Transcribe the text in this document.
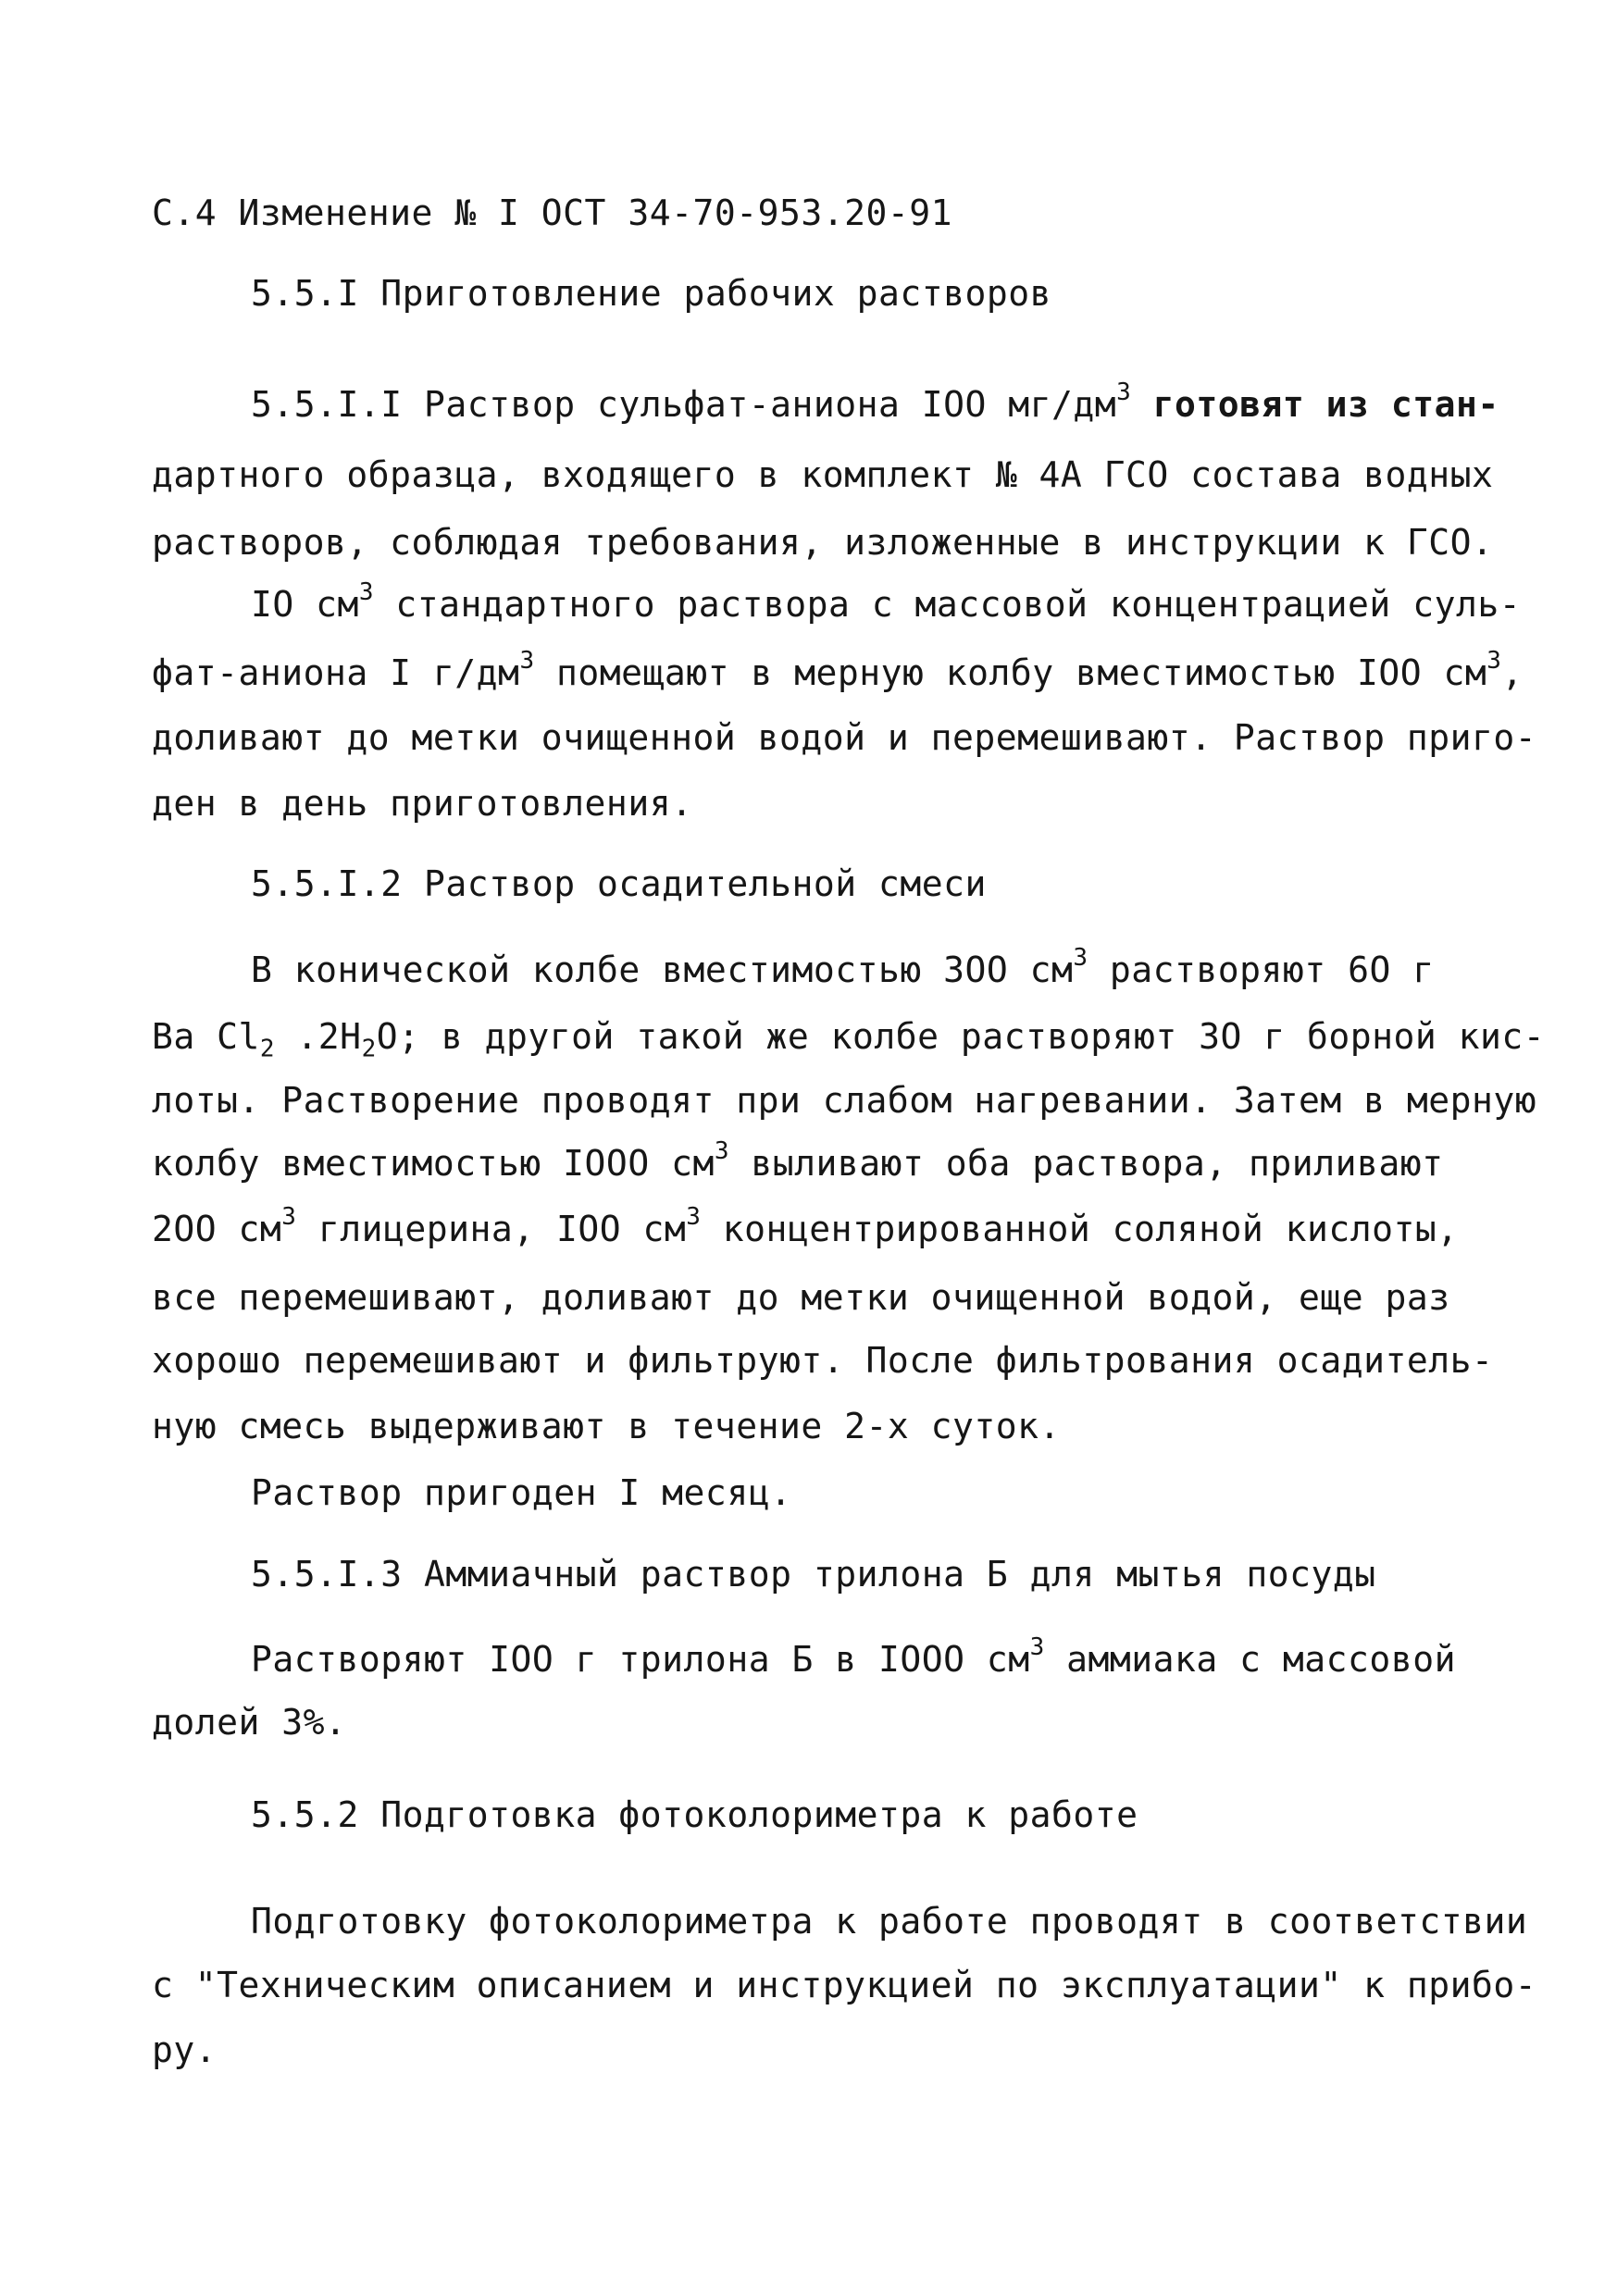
С.4 Изменение № I ОСТ 34-70-953.20-91
5.5.I Приготовление рабочих растворов
5.5.I.I Раствор сульфат-аниона IОО $мг/дм^3$ готовят из стан-
дартного образца, входящего в комплект № 4А ГСО состава водных
растворов, соблюдая требования, изложенные в инструкции к ГСО.
IО $см^3$ стандартного раствора с массовой концентрацией суль-
фат-аниона I $г/дм^3$ помещают в мерную колбу вместимостью IОО $см^3$,
доливают до метки очищенной водой и перемешивают. Раствор приго-
ден в день приготовления.
5.5.I.2 Раствор осадительной смеси
В конической колбе вместимостью 3ОО $см^3$ растворяют 6О г
Ва $Cl_2$ $.2Н_2О$; в другой такой же колбе растворяют 3О г борной кис-
лоты. Растворение проводят при слабом нагревании. Затем в мерную
колбу вместимостью IООО $см^3$ выливают оба раствора, приливают
2ОО $см^3$ глицерина, IОО $см^3$ концентрированной соляной кислоты,
все перемешивают, доливают до метки очищенной водой, еще раз
хорошо перемешивают и фильтруют. После фильтрования осадитель-
ную смесь выдерживают в течение 2-х суток.
Раствор пригоден I месяц.
5.5.I.3 Аммиачный раствор трилона Б для мытья посуды
Растворяют IОО г трилона Б в IООО $см^3$ аммиака с массовой
долей 3%.
5.5.2 Подготовка фотоколориметра к работе
Подготовку фотоколориметра к работе проводят в соответствии
с "Техническим описанием и инструкцией по эксплуатации" к прибо-
ру.
